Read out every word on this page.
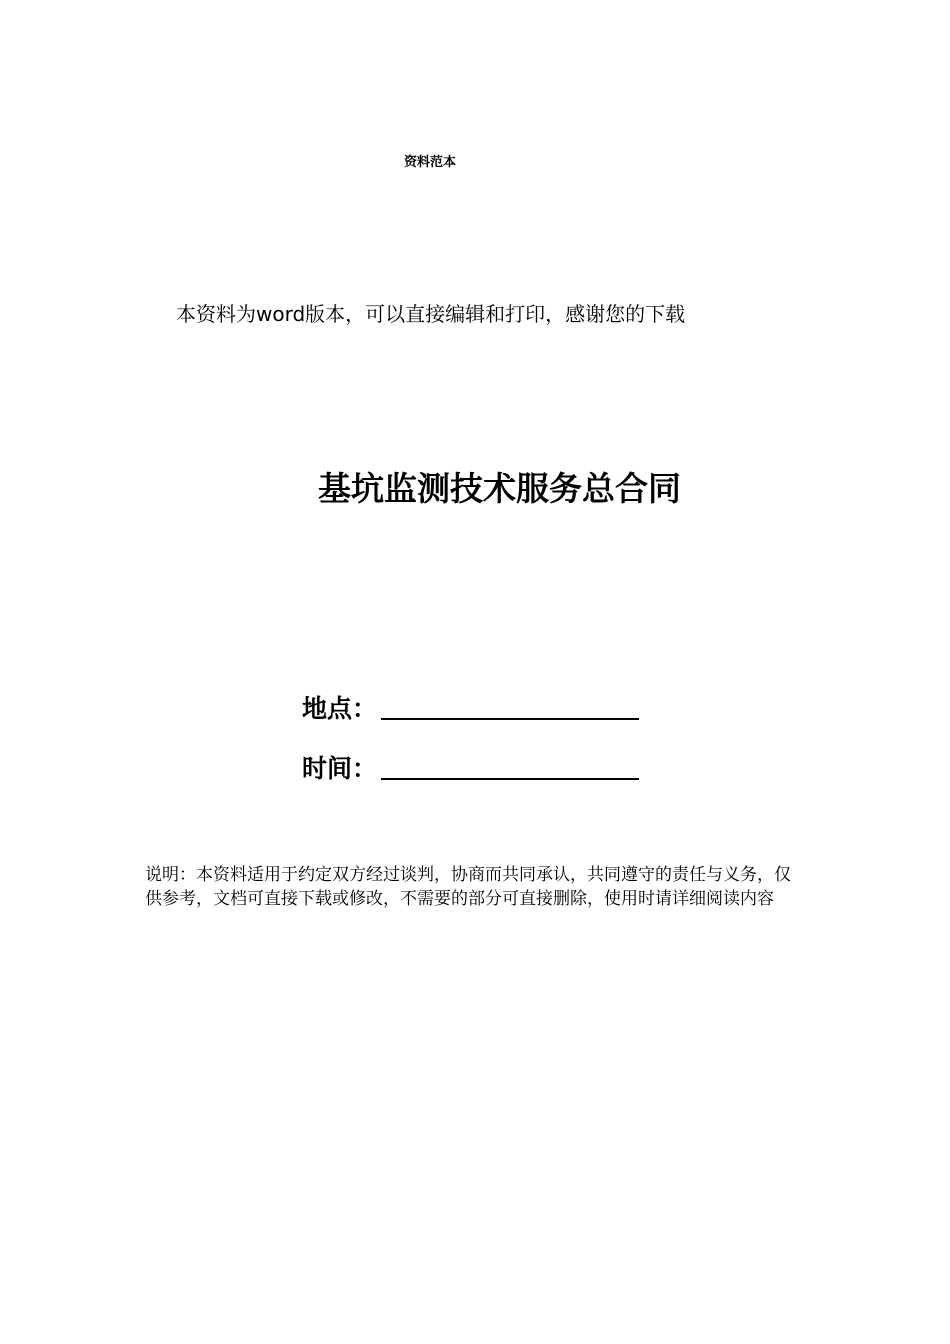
资料范本
本资料为word版本，可以直接编辑和打印，感谢您的下载
基坑监测技术服务总合同
地点：
时间：
说明：本资料适用于约定双方经过谈判，协商而共同承认，共同遵守的责任与义务，仅供参考，文档可直接下载或修改，不需要的部分可直接删除，使用时请详细阅读内容
